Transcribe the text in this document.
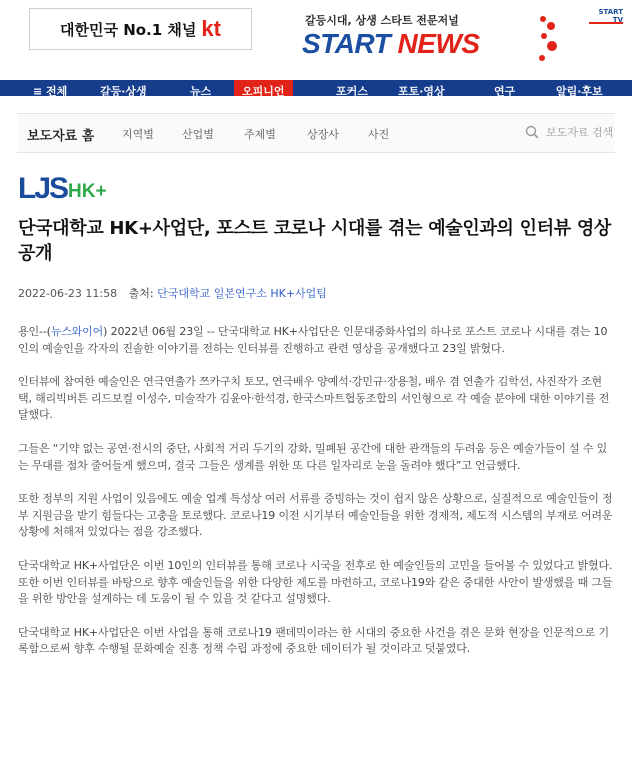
대한민국 No.1 채널 kt	갈등시대, 상생 스타트 전문저널
START NEWS
START TV
≡ 전체	갈등·상생	뉴스	오피니언	포커스	포토·영상	연구	알림·후보
보도자료 홈	지역별	산업별	주제별	상장사	사진
보도자료 검색
LJS HK+
단국대학교 HK+사업단, 포스트 코로나 시대를 겪는 예술인과의 인터뷰 영상 공개
2022-06-23 11:58 출처: 단국대학교 일본연구소 HK+사업팀

용인--(뉴스와이어) 2022년 06월 23일 -- 단국대학교 HK+사업단은 인문대중화사업의 하나로 포스트 코로나 시대를 겪는 10인의 예술인을 각자의 진솔한 이야기를 전하는 인터뷰를 진행하고 관련 영상을 공개했다고 23일 밝혔다.

인터뷰에 참여한 예술인은 연극연출가 쯔카구치 토모, 연극배우 양예석·강민규·장용철, 배우 겸 연출가 김학선, 사진작가 조현택, 해리빅버튼 리드보컬 이성수, 미술작가 김윤아·한석경, 한국스마트협동조합의 서인형으로 각 예술 분야에 대한 이야기를 전달했다.

그들은 “기약 없는 공연·전시의 중단, 사회적 거리 두기의 강화, 밀폐된 공간에 대한 관객들의 두려움 등은 예술가들이 설 수 있는 무대를 점차 줄어들게 했으며, 결국 그들은 생계를 위한 또 다른 일자리로 눈을 돌려야 했다”고 언급했다.

또한 정부의 지원 사업이 있음에도 예술 업계 특성상 여러 서류를 증빙하는 것이 쉽지 않은 상황으로, 실질적으로 예술인들이 정부 지원금을 받기 힘들다는 고충을 토로했다. 코로나19 이전 시기부터 예술인들을 위한 경제적, 제도적 시스템의 부재로 어려운 상황에 처해져 있었다는 점을 강조했다.

단국대학교 HK+사업단은 이번 10인의 인터뷰를 통해 코로나 시국을 전후로 한 예술인들의 고민을 들어볼 수 있었다고 밝혔다. 또한 이번 인터뷰를 바탕으로 향후 예술인들을 위한 다양한 제도를 마련하고, 코로나19와 같은 중대한 사안이 발생했을 때 그들을 위한 방안을 설계하는 데 도움이 될 수 있을 것 같다고 설명했다.

단국대학교 HK+사업단은 이번 사업을 통해 코로나19 팬데믹이라는 한 시대의 중요한 사건을 겪은 문화 현장을 인문적으로 기록함으로써 향후 수행될 문화예술 진흥 정책 수립 과정에 중요한 데이터가 될 것이라고 덧붙였다.
